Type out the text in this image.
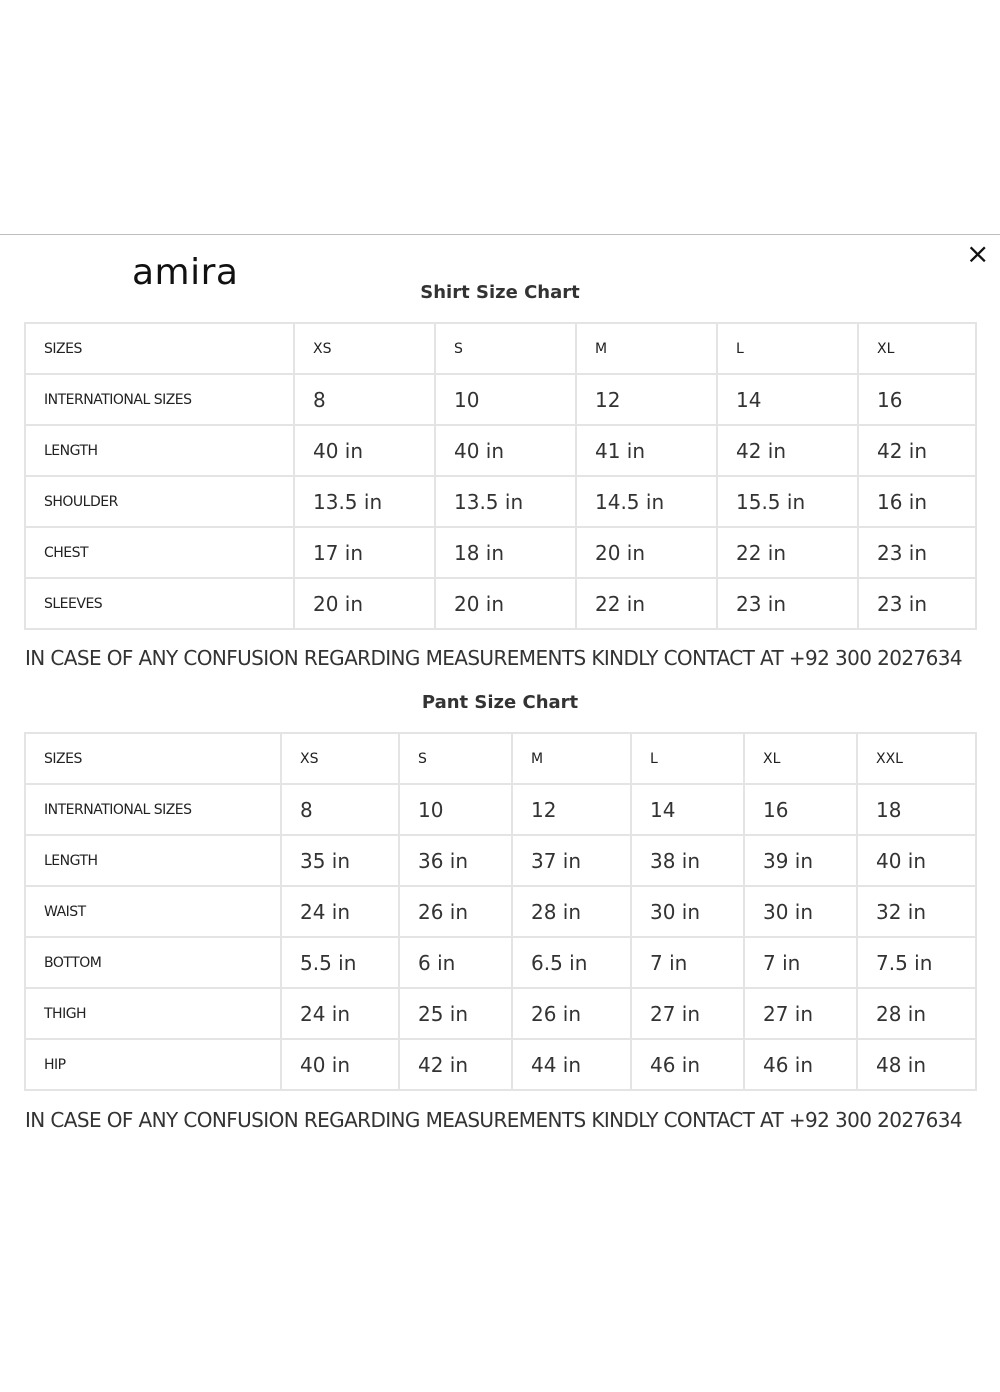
amira	×
Shirt Size Chart
SIZES	XS	S	M	L	XL
INTERNATIONAL SIZES	8	10	12	14	16
LENGTH	40 in	40 in	41 in	42 in	42 in
SHOULDER	13.5 in	13.5 in	14.5 in	15.5 in	16 in
CHEST	17 in	18 in	20 in	22 in	23 in
SLEEVES	20 in	20 in	22 in	23 in	23 in
IN CASE OF ANY CONFUSION REGARDING MEASUREMENTS KINDLY CONTACT AT +92 300 2027634
Pant Size Chart
SIZES	XS	S	M	L	XL	XXL
INTERNATIONAL SIZES	8	10	12	14	16	18
LENGTH	35 in	36 in	37 in	38 in	39 in	40 in
WAIST	24 in	26 in	28 in	30 in	30 in	32 in
BOTTOM	5.5 in	6 in	6.5 in	7 in	7 in	7.5 in
THIGH	24 in	25 in	26 in	27 in	27 in	28 in
HIP	40 in	42 in	44 in	46 in	46 in	48 in
IN CASE OF ANY CONFUSION REGARDING MEASUREMENTS KINDLY CONTACT AT +92 300 2027634
